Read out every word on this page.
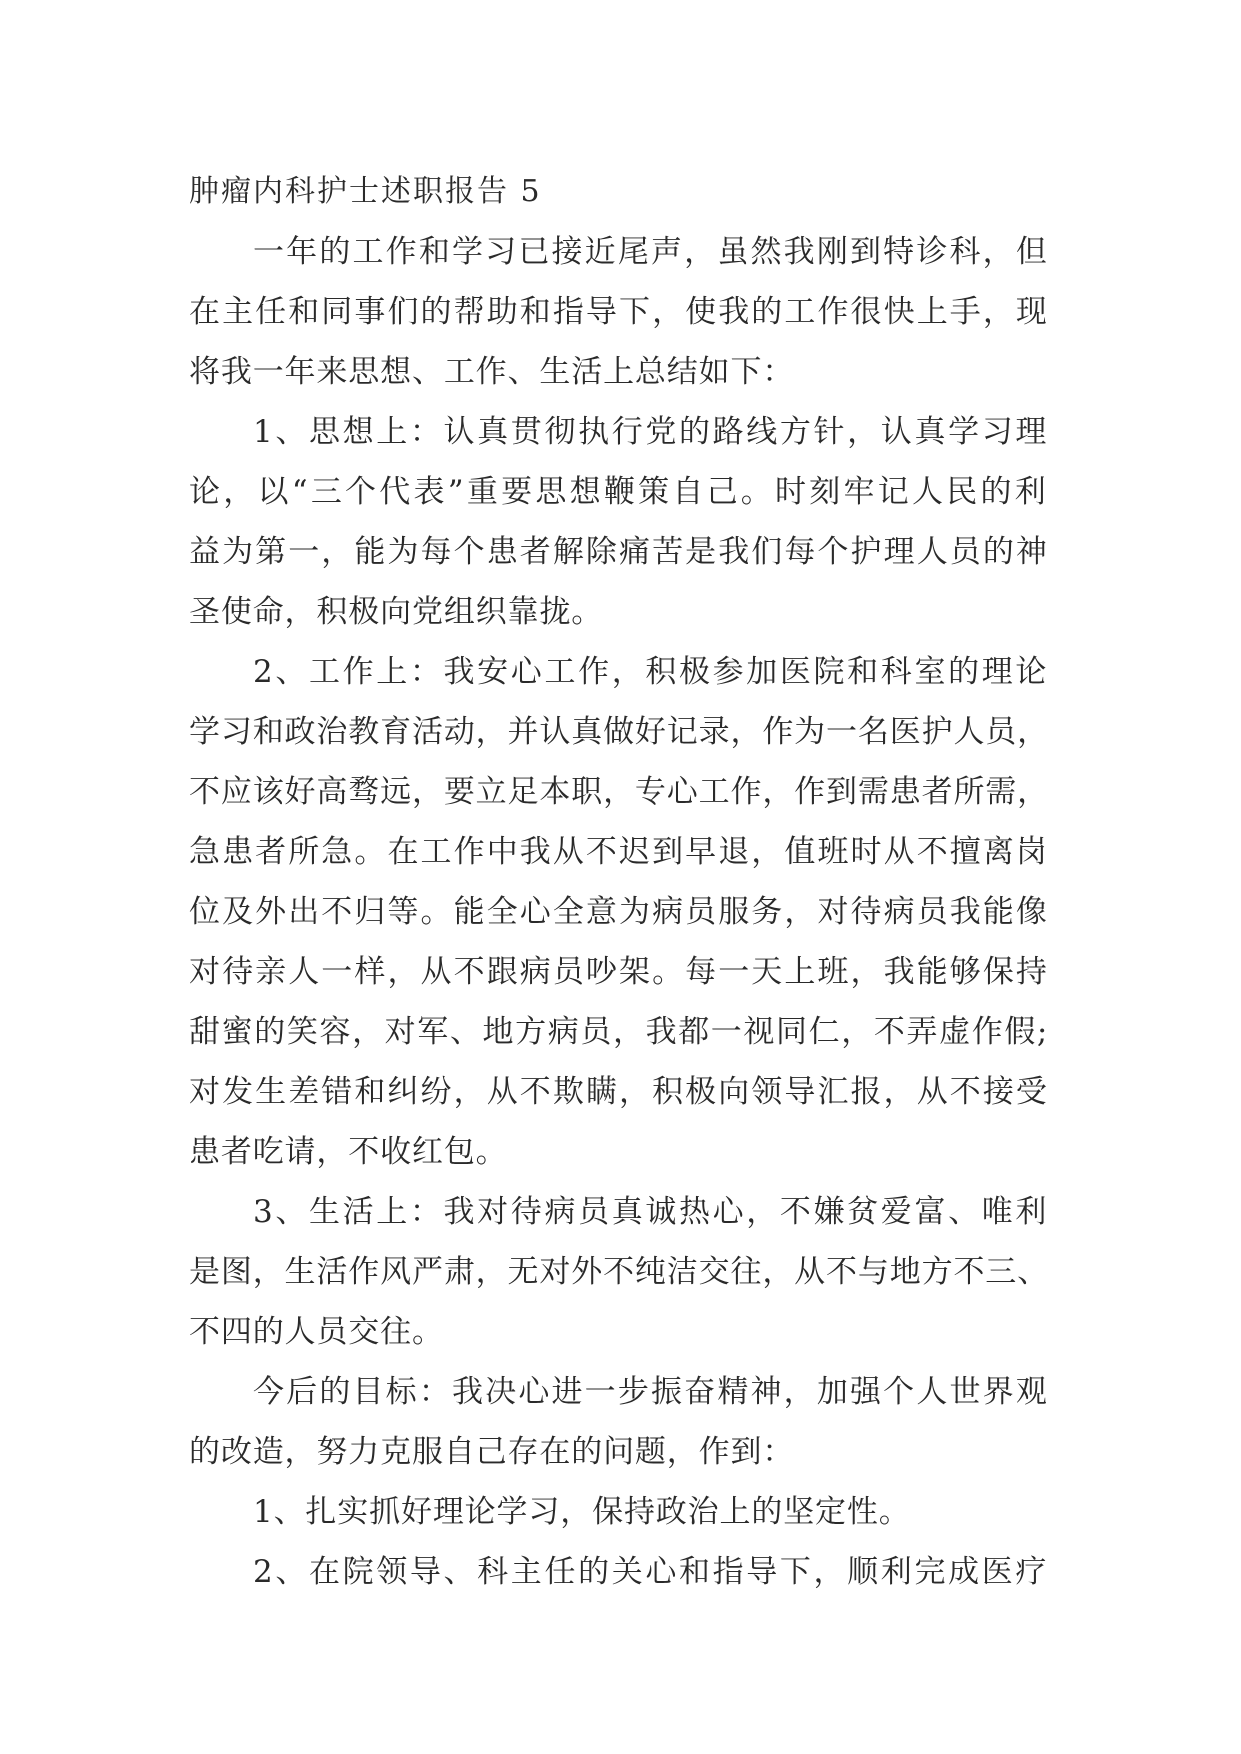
肿瘤内科护士述职报告 5
一年的工作和学习已接近尾声，虽然我刚到特诊科，但
在主任和同事们的帮助和指导下，使我的工作很快上手，现
将我一年来思想、工作、生活上总结如下：
1、思想上：认真贯彻执行党的路线方针，认真学习理
论，以“三个代表”重要思想鞭策自己。时刻牢记人民的利
益为第一，能为每个患者解除痛苦是我们每个护理人员的神
圣使命，积极向党组织靠拢。
2、工作上：我安心工作，积极参加医院和科室的理论
学习和政治教育活动，并认真做好记录，作为一名医护人员，
不应该好高骛远，要立足本职，专心工作，作到需患者所需，
急患者所急。在工作中我从不迟到早退，值班时从不擅离岗
位及外出不归等。能全心全意为病员服务，对待病员我能像
对待亲人一样，从不跟病员吵架。每一天上班，我能够保持
甜蜜的笑容，对军、地方病员，我都一视同仁，不弄虚作假;
对发生差错和纠纷，从不欺瞒，积极向领导汇报，从不接受
患者吃请，不收红包。
3、生活上：我对待病员真诚热心，不嫌贫爱富、唯利
是图，生活作风严肃，无对外不纯洁交往，从不与地方不三、
不四的人员交往。
今后的目标：我决心进一步振奋精神，加强个人世界观
的改造，努力克服自己存在的问题，作到：
1、扎实抓好理论学习，保持政治上的坚定性。
2、在院领导、科主任的关心和指导下，顺利完成医疗
